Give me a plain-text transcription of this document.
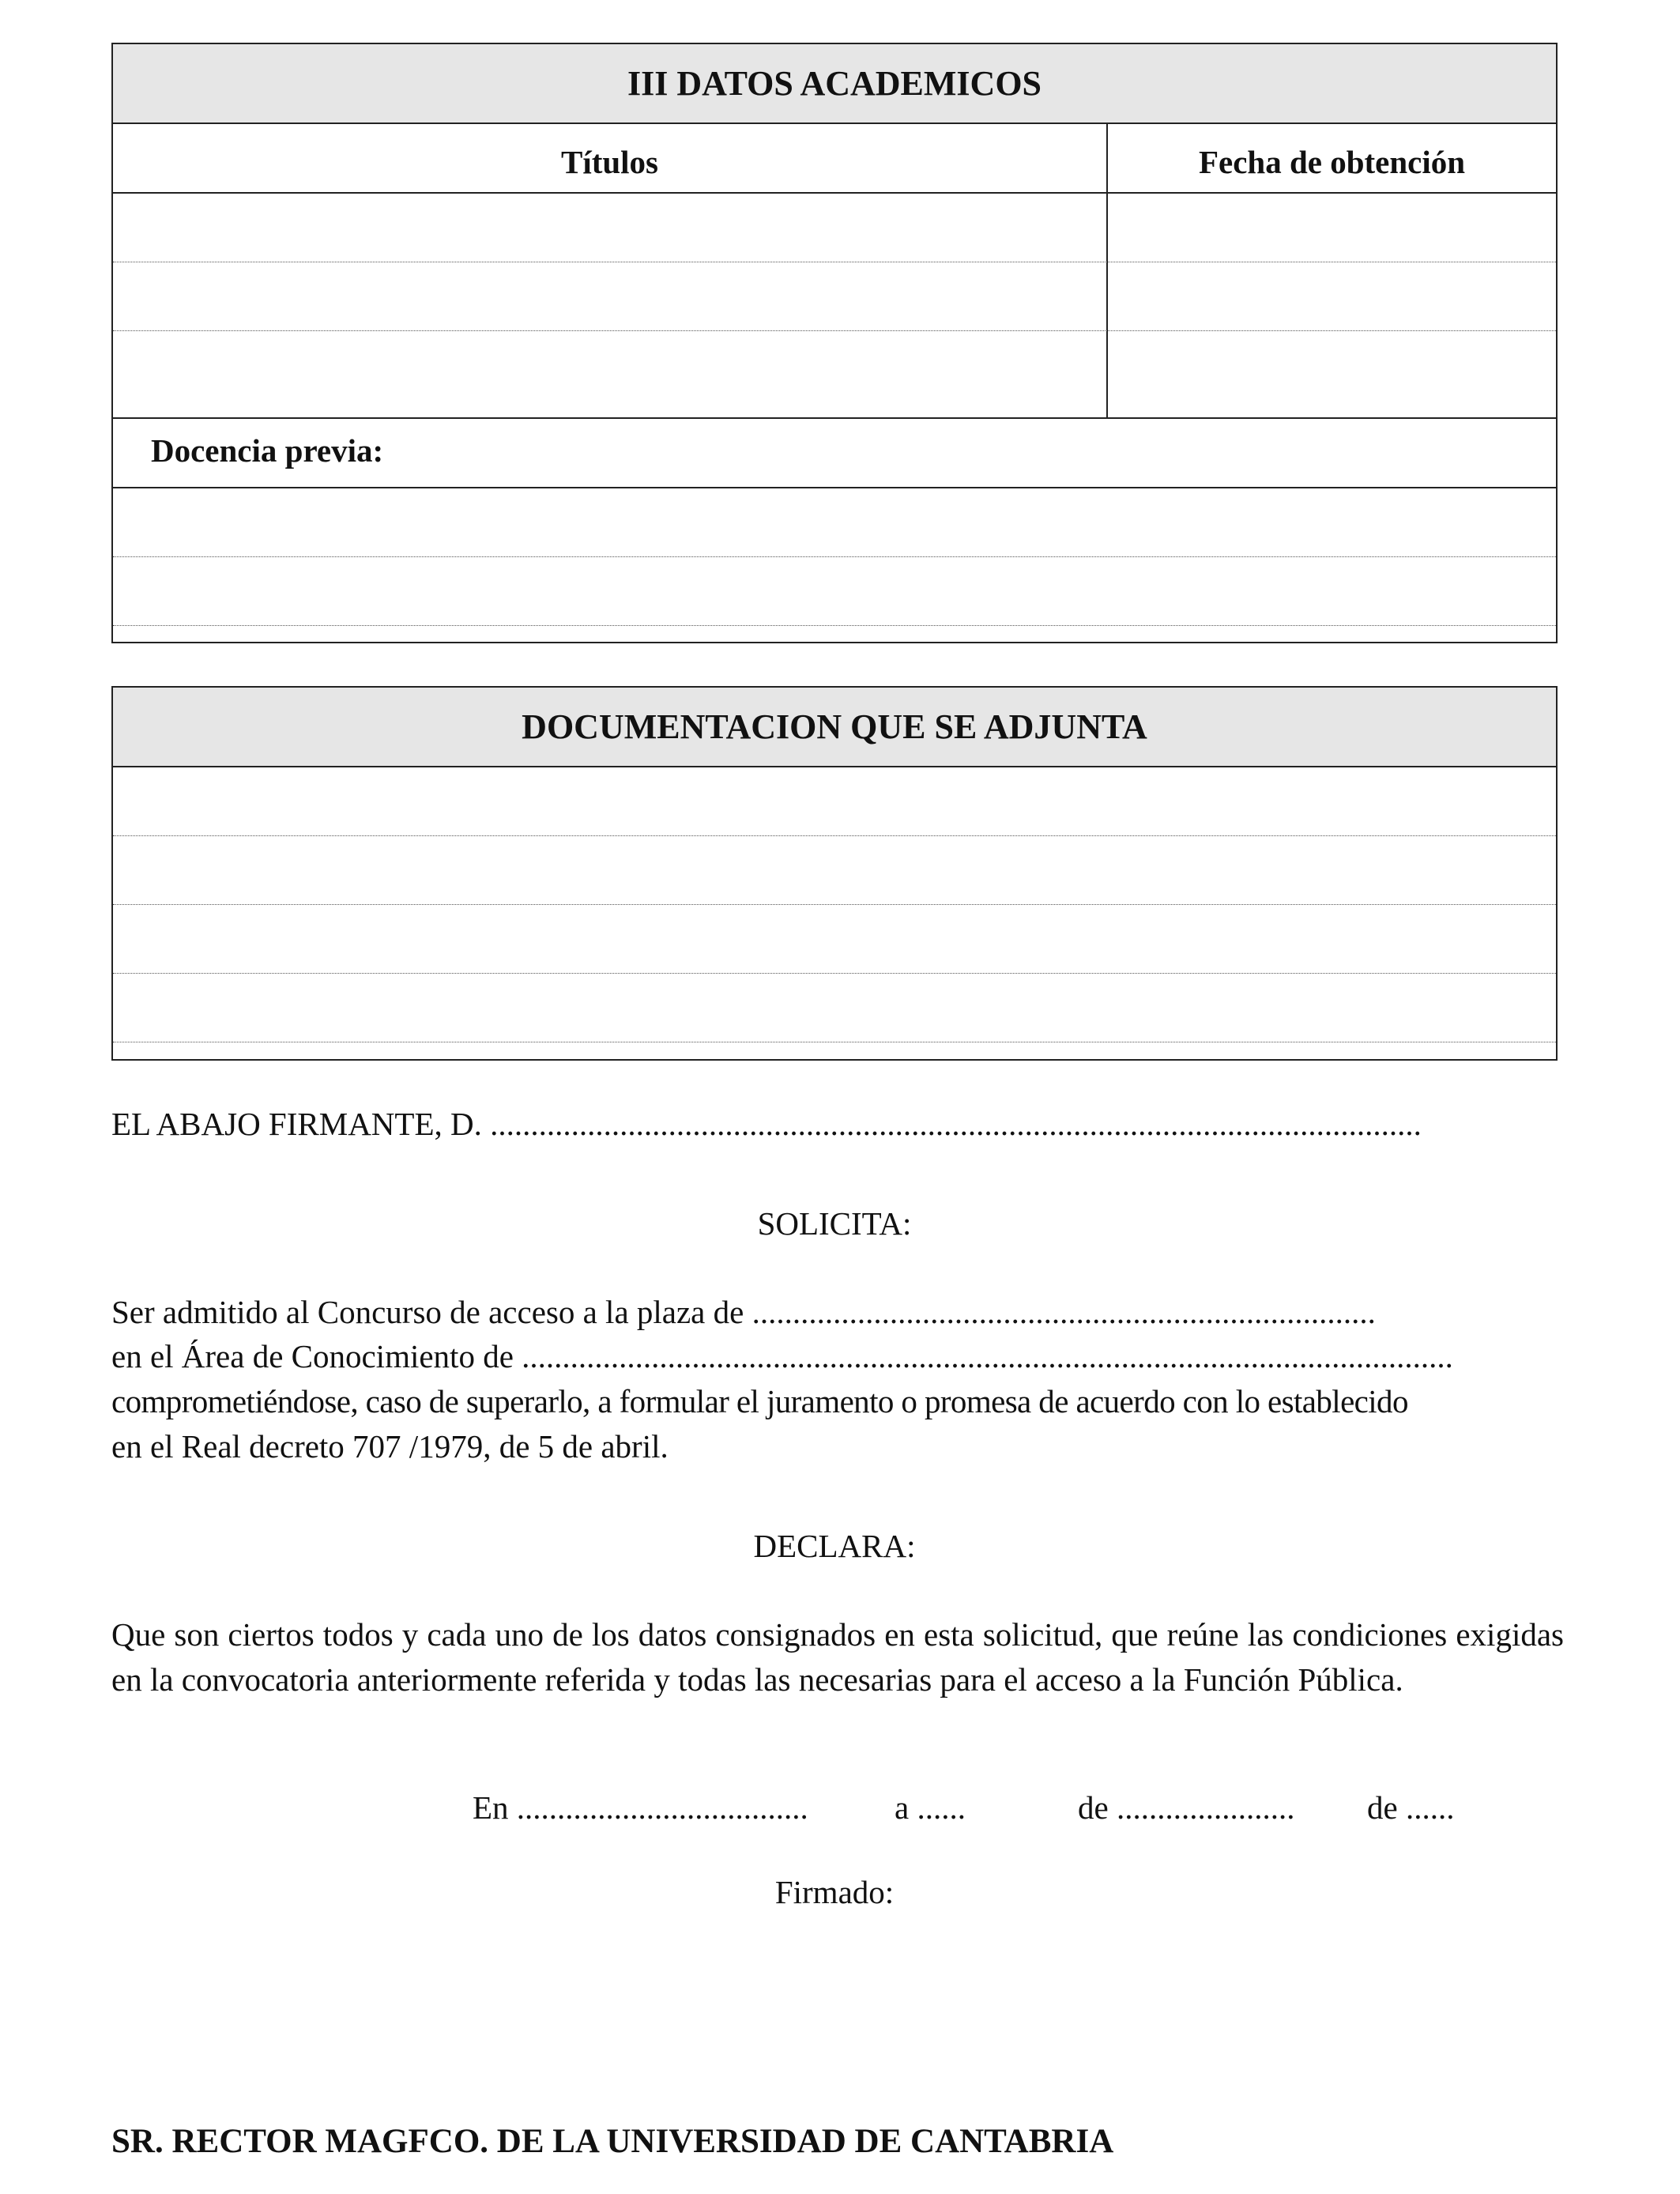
III DATOS ACADEMICOS
Títulos	Fecha de obtención
Docencia previa:
DOCUMENTACION QUE SE ADJUNTA
EL ABAJO FIRMANTE, D. ...................................................................................................................
SOLICITA:
Ser admitido al Concurso de acceso a la plaza de .............................................................................
en el Área de Conocimiento de ...................................................................................................................
comprometiéndose, caso de superarlo, a formular el juramento o promesa de acuerdo con lo establecido
en el Real decreto 707 /1979, de 5 de abril.
DECLARA:
Que son ciertos todos y cada uno de los datos consignados en esta solicitud, que reúne las condiciones exigidas en la convocatoria anteriormente referida y todas las necesarias para el acceso a la Función Pública.
En ....................................	a ......	de ...................... de ......
Firmado:
SR. RECTOR MAGFCO. DE LA UNIVERSIDAD DE CANTABRIA
